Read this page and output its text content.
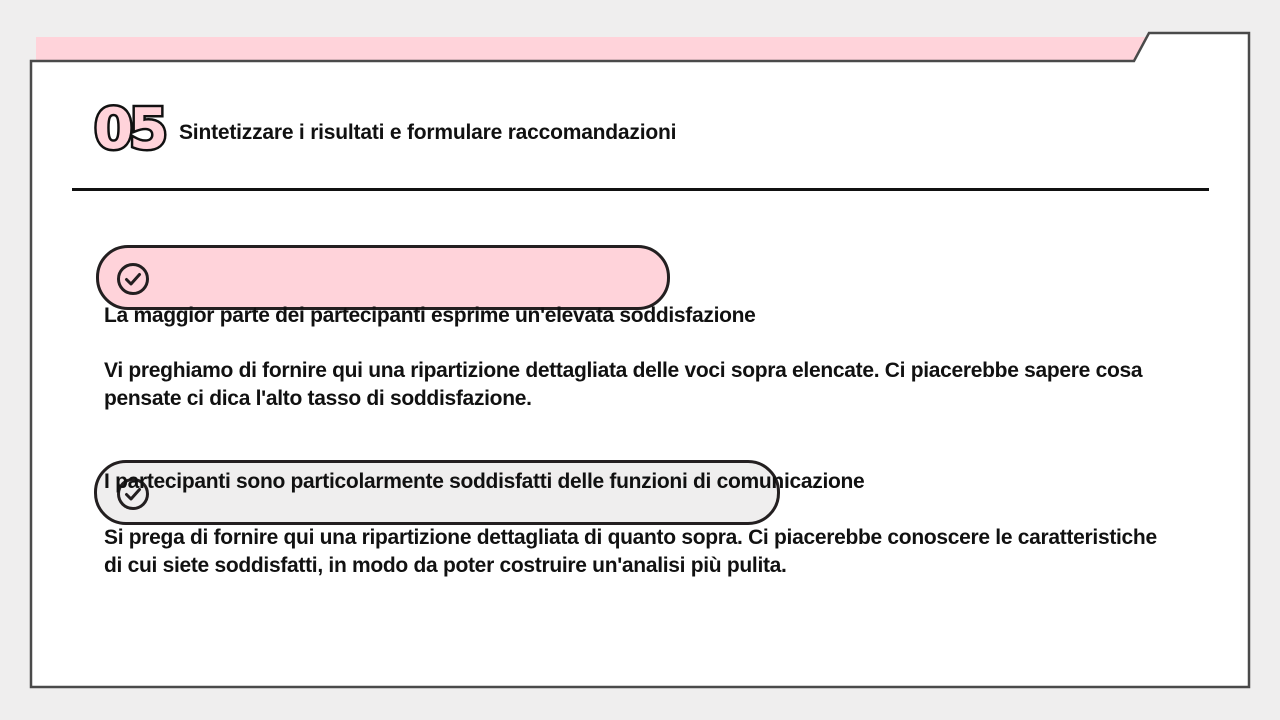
05 Sintetizzare i risultati e formulare raccomandazioni
La maggior parte dei partecipanti esprime un'elevata soddisfazione
Vi preghiamo di fornire qui una ripartizione dettagliata delle voci sopra elencate. Ci piacerebbe sapere cosa pensate ci dica l'alto tasso di soddisfazione.
I partecipanti sono particolarmente soddisfatti delle funzioni di comunicazione
Si prega di fornire qui una ripartizione dettagliata di quanto sopra. Ci piacerebbe conoscere le caratteristiche di cui siete soddisfatti, in modo da poter costruire un'analisi più pulita.
